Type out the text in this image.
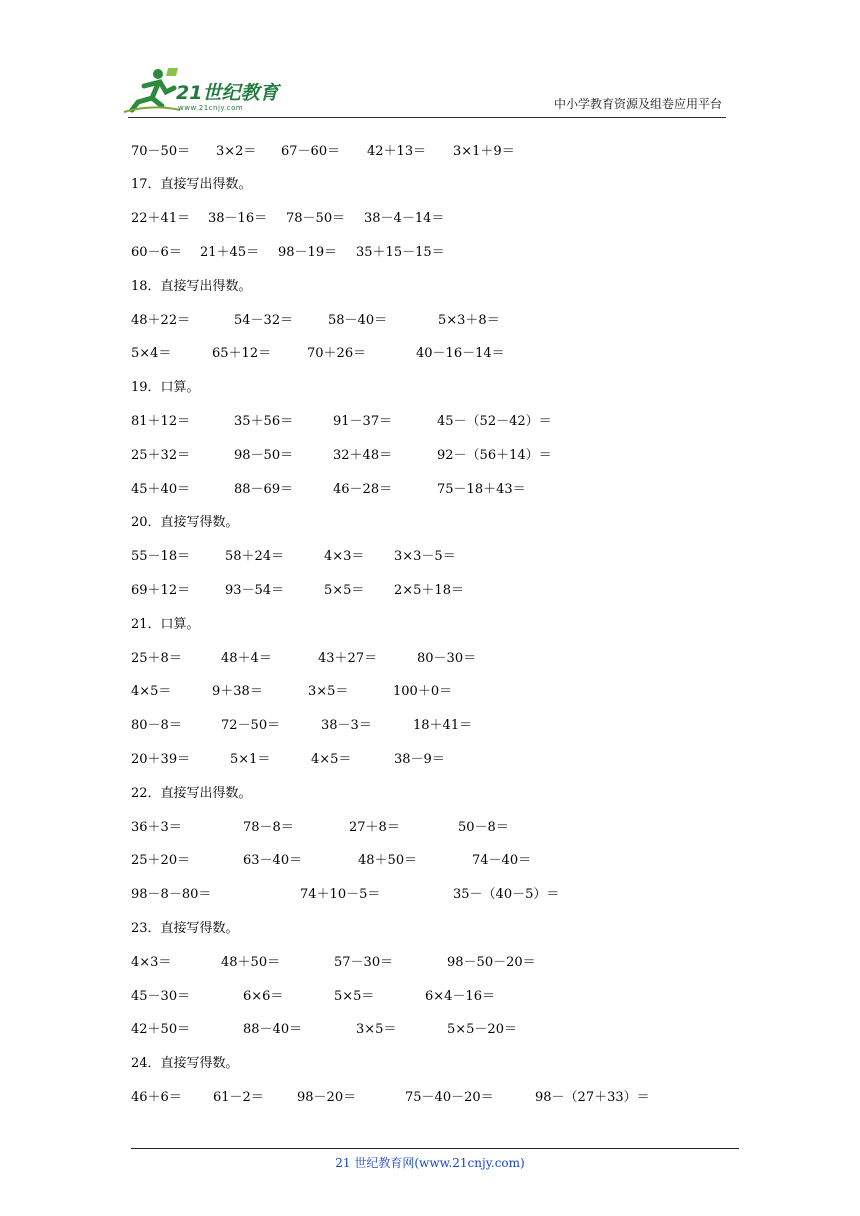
21世纪教育
www.21cnjy.com	中小学教育资源及组卷应用平台
70－50＝ 3×2＝ 67－60＝ 42＋13＝ 3×1＋9＝
17．直接写出得数。
22＋41＝ 38－16＝ 78－50＝ 38－4－14＝
60－6＝ 21＋45＝ 98－19＝ 35＋15－15＝
18．直接写出得数。
48＋22＝	54－32＝	58－40＝	5×3＋8＝
5×4＝	65＋12＝	70＋26＝	40－16－14＝
19．口算。
81＋12＝	35＋56＝	91－37＝	45－（52－42）＝
25＋32＝	98－50＝	32＋48＝	92－（56＋14）＝
45＋40＝	88－69＝	46－28＝	75－18＋43＝
20．直接写得数。
55－18＝	58＋24＝	4×3＝ 3×3－5＝
69＋12＝	93－54＝	5×5＝ 2×5＋18＝
21．口算。
25＋8＝	48＋4＝	43＋27＝	80－30＝
4×5＝	9＋38＝	3×5＝	100＋0＝
80－8＝	72－50＝	38－3＝	18＋41＝
20＋39＝	5×1＝	4×5＝	38－9＝
22．直接写出得数。
36＋3＝	78－8＝	27＋8＝	50－8＝
25＋20＝	63－40＝	48＋50＝	74－40＝
98－8－80＝	74＋10－5＝	35－（40－5）＝
23．直接写得数。
4×3＝	48＋50＝	57－30＝	98－50－20＝
45－30＝	6×6＝	5×5＝	6×4－16＝
42＋50＝	88－40＝	3×5＝	5×5－20＝
24．直接写得数。
46＋6＝ 61－2＝	98－20＝	75－40－20＝	98－（27＋33）＝
21 世纪教育网(www.21cnjy.com)
